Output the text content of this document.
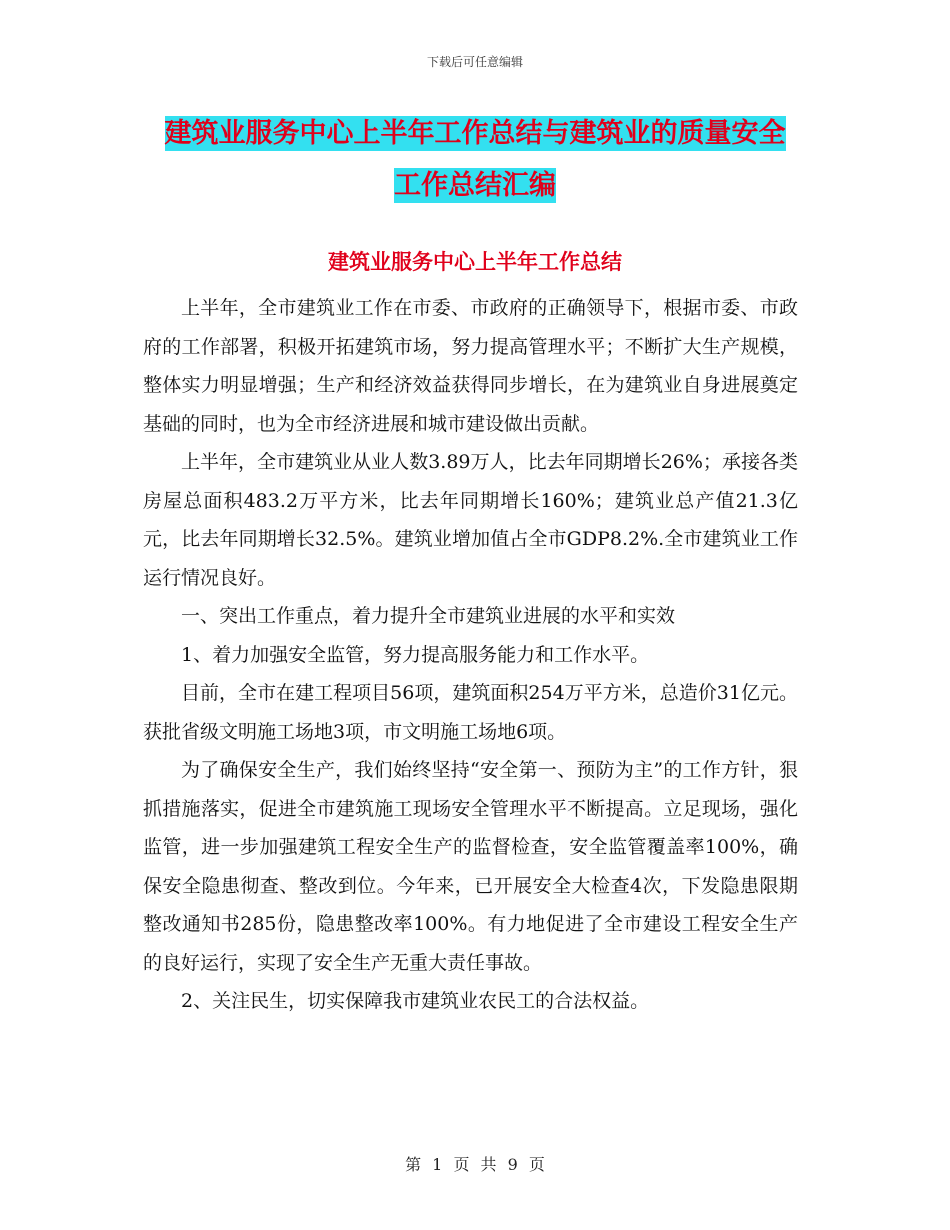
下载后可任意编辑
建筑业服务中心上半年工作总结与建筑业的质量安全
工作总结汇编
建筑业服务中心上半年工作总结

上半年，全市建筑业工作在市委、市政府的正确领导下，根据市委、市政府的工作部署，积极开拓建筑市场，努力提高管理水平；不断扩大生产规模，整体实力明显增强；生产和经济效益获得同步增长，在为建筑业自身进展奠定基础的同时，也为全市经济进展和城市建设做出贡献。

上半年，全市建筑业从业人数3.89万人，比去年同期增长26%；承接各类房屋总面积483.2万平方米，比去年同期增长160%；建筑业总产值21.3亿元，比去年同期增长32.5%。建筑业增加值占全市GDP8.2%.全市建筑业工作运行情况良好。

一、突出工作重点，着力提升全市建筑业进展的水平和实效

1、着力加强安全监管，努力提高服务能力和工作水平。

目前，全市在建工程项目56项，建筑面积254万平方米，总造价31亿元。获批省级文明施工场地3项，市文明施工场地6项。

为了确保安全生产，我们始终坚持“安全第一、预防为主”的工作方针，狠抓措施落实，促进全市建筑施工现场安全管理水平不断提高。立足现场，强化监管，进一步加强建筑工程安全生产的监督检查，安全监管覆盖率100%，确保安全隐患彻查、整改到位。今年来，已开展安全大检查4次，下发隐患限期整改通知书285份，隐患整改率100%。有力地促进了全市建设工程安全生产的良好运行，实现了安全生产无重大责任事故。

2、关注民生，切实保障我市建筑业农民工的合法权益。

第 1 页 共 9 页
